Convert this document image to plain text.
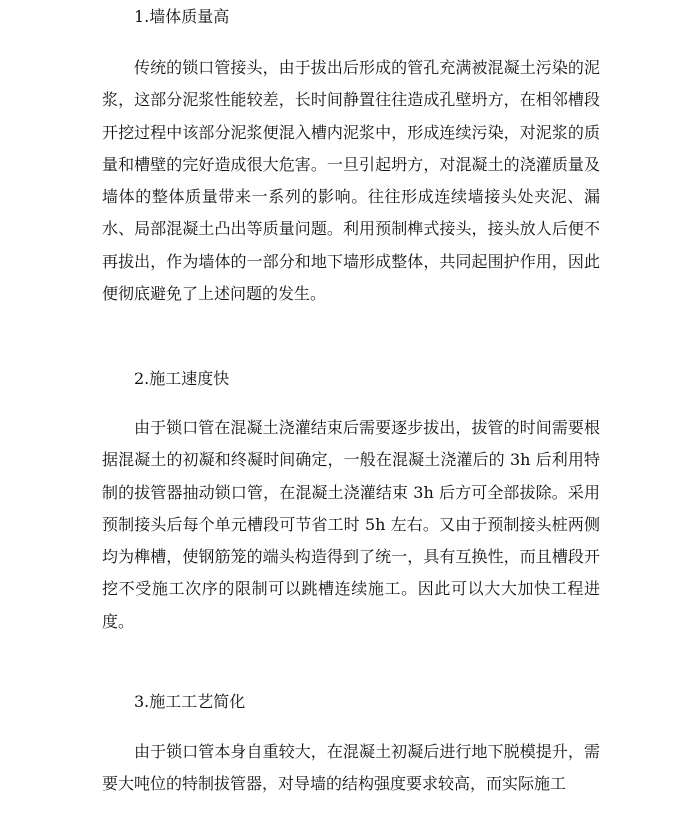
1.墙体质量高
传统的锁口管接头，由于拔出后形成的管孔充满被混凝土污染的泥浆，这部分泥浆性能较差，长时间静置往往造成孔壁坍方，在相邻槽段开挖过程中该部分泥浆便混入槽内泥浆中，形成连续污染，对泥浆的质量和槽壁的完好造成很大危害。一旦引起坍方，对混凝土的浇灌质量及墙体的整体质量带来一系列的影响。往往形成连续墙接头处夹泥、漏水、局部混凝土凸出等质量问题。利用预制榫式接头，接头放人后便不再拔出，作为墙体的一部分和地下墙形成整体，共同起围护作用，因此便彻底避免了上述问题的发生。
2.施工速度快
由于锁口管在混凝土浇灌结束后需要逐步拔出，拔管的时间需要根据混凝土的初凝和终凝时间确定，一般在混凝土浇灌后的 3h 后利用特制的拔管器抽动锁口管，在混凝土浇灌结束 3h 后方可全部拔除。采用预制接头后每个单元槽段可节省工时 5h 左右。又由于预制接头桩两侧均为榫槽，使钢筋笼的端头构造得到了统一，具有互换性，而且槽段开挖不受施工次序的限制可以跳槽连续施工。因此可以大大加快工程进度。
3.施工工艺简化
由于锁口管本身自重较大，在混凝土初凝后进行地下脱模提升，需要大吨位的特制拔管器，对导墙的结构强度要求较高，而实际施工
